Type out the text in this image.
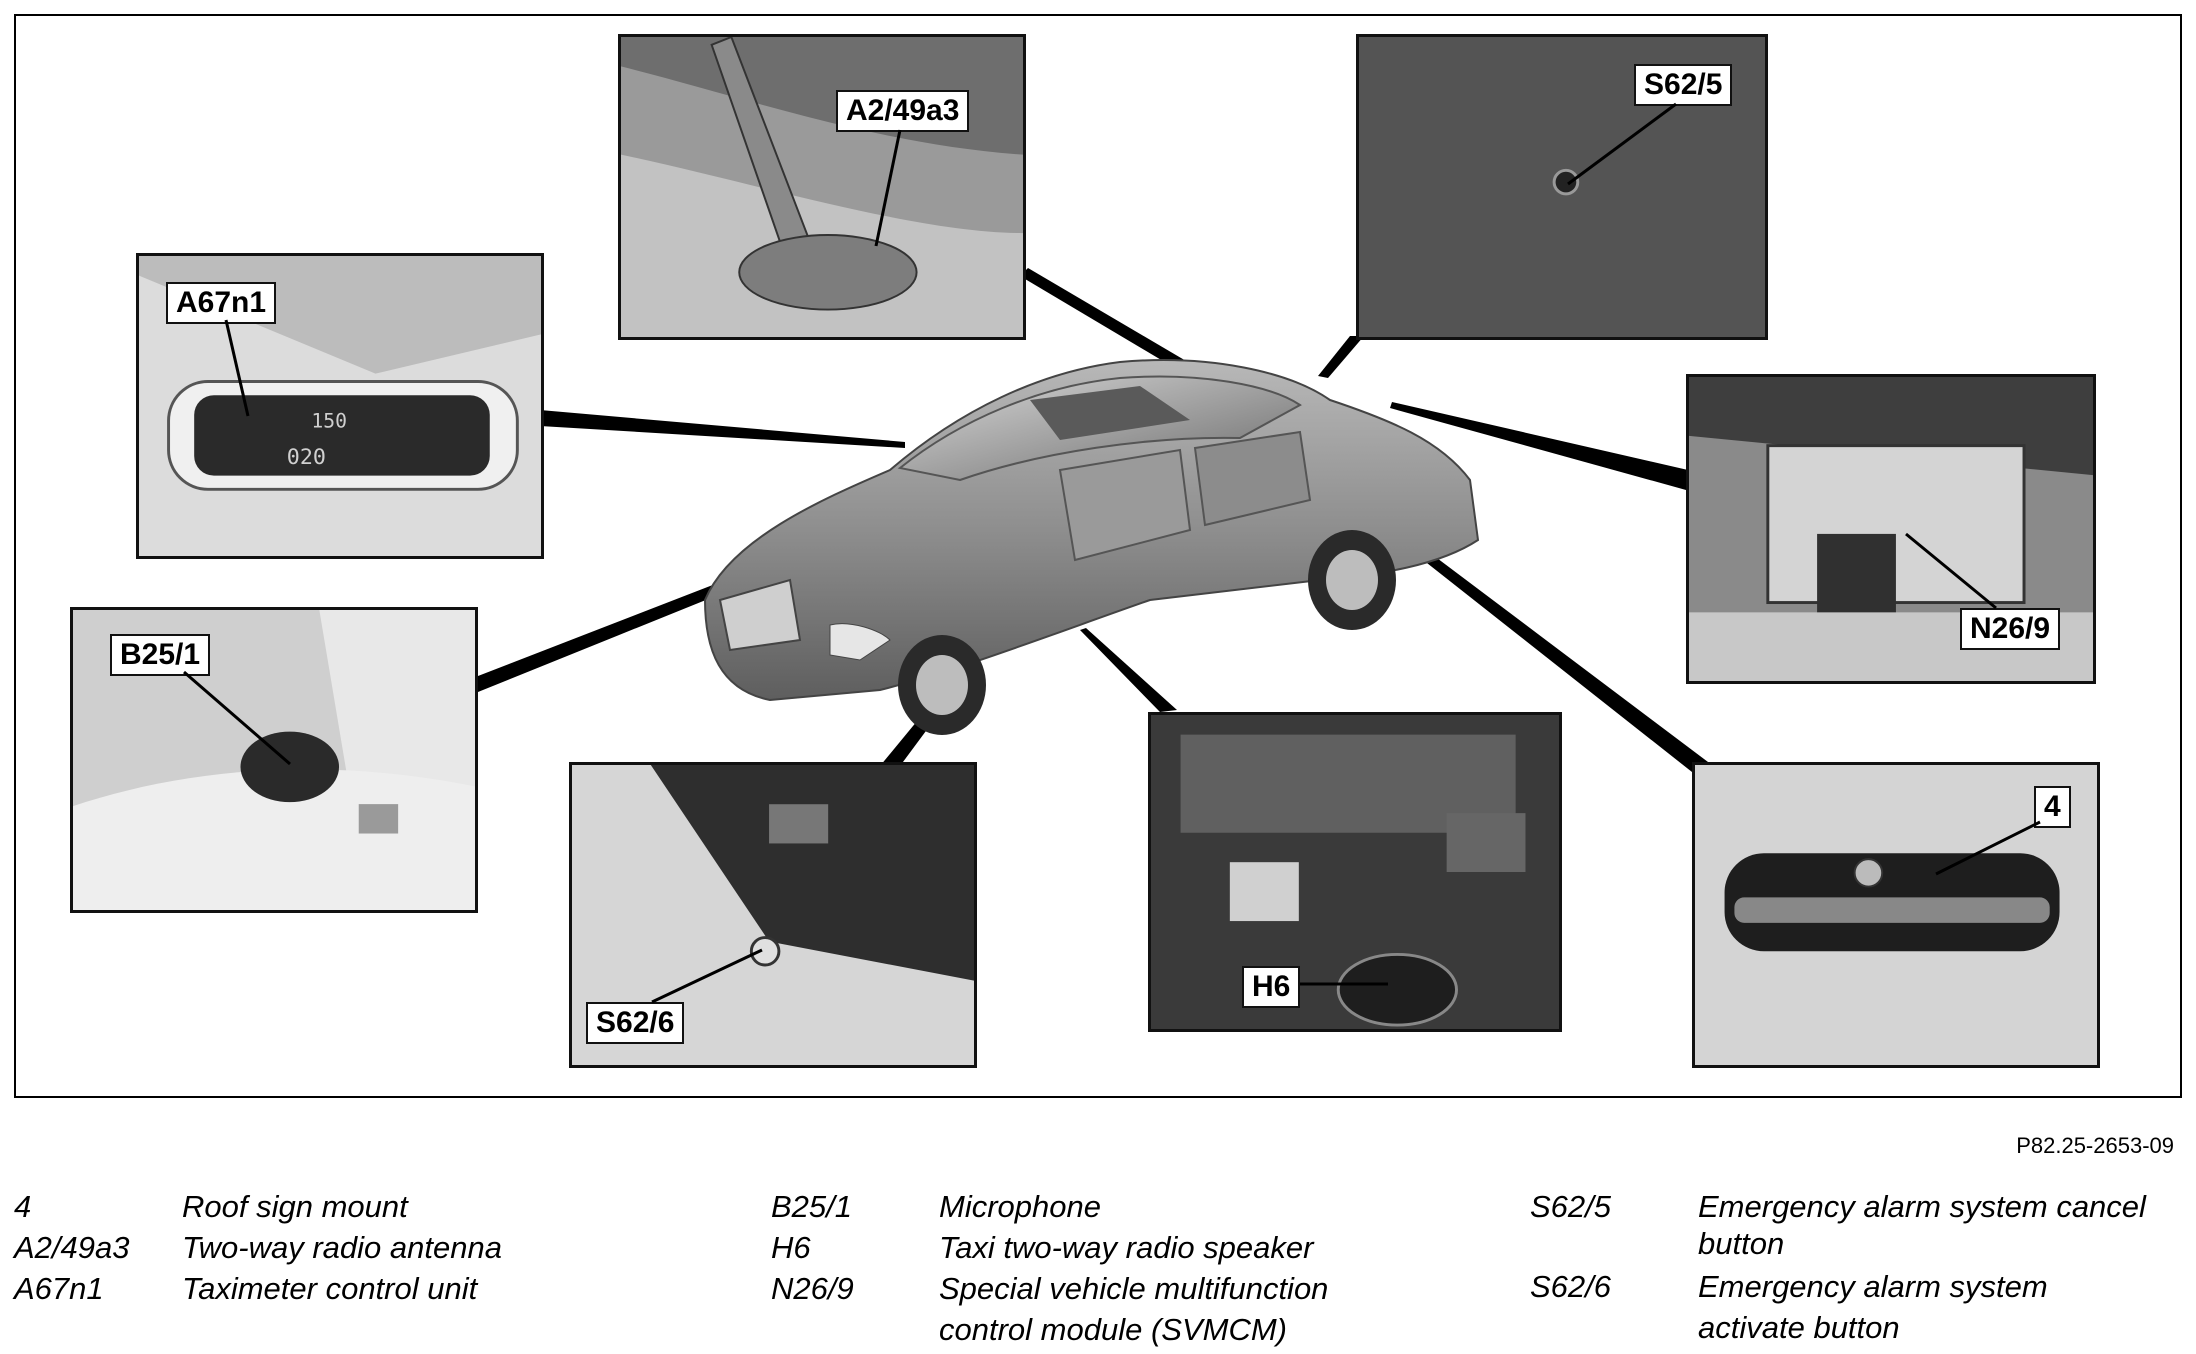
150
020
A2/49a3
S62/5
A67n1
N26/9
B25/1
S62/6
H6
4
P82.25-2653-09
4	Roof sign mount
A2/49a3	Two-way radio antenna
A67n1	Taximeter control unit
B25/1	Microphone
H6	Taxi two-way radio speaker
N26/9	Special vehicle multifunction
control module (SVMCM)
S62/5	Emergency alarm system cancel
button
S62/6	Emergency alarm system
activate button
